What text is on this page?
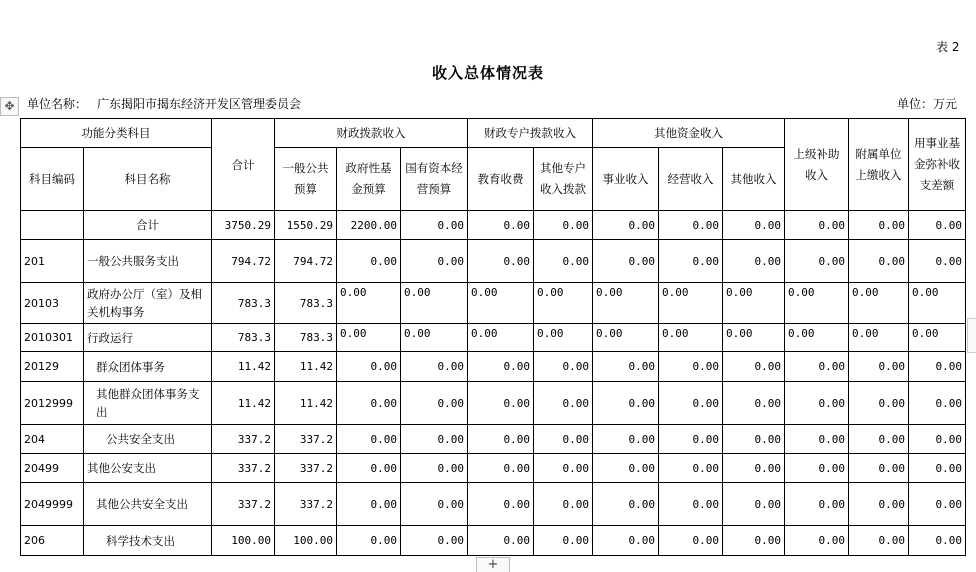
表 2
收入总体情况表
✥	单位名称： 广东揭阳市揭东经济开发区管理委员会	单位：万元
功能分类科目		合计	财政拨款收入			财政专户拨款收入		其他资金收入			上级补助收入	附属单位上缴收入	用事业基金弥补收支差额
科目编码	科目名称		一般公共预算	政府性基金预算	国有资本经营预算	教育收费	其他专户收入拨款	事业收入	经营收入	其他收入			
	合计	3750.29	1550.29	2200.00	0.00	0.00	0.00	0.00	0.00	0.00	0.00	0.00	0.00
201	一般公共服务支出	794.72	794.72	0.00	0.00	0.00	0.00	0.00	0.00	0.00	0.00	0.00	0.00
20103	政府办公厅（室）及相关机构事务	783.3	783.3	0.00	0.00	0.00	0.00	0.00	0.00	0.00	0.00	0.00	0.00
2010301	行政运行	783.3	783.3	0.00	0.00	0.00	0.00	0.00	0.00	0.00	0.00	0.00	0.00
20129	群众团体事务	11.42	11.42	0.00	0.00	0.00	0.00	0.00	0.00	0.00	0.00	0.00	0.00
2012999	其他群众团体事务支出	11.42	11.42	0.00	0.00	0.00	0.00	0.00	0.00	0.00	0.00	0.00	0.00
204	公共安全支出	337.2	337.2	0.00	0.00	0.00	0.00	0.00	0.00	0.00	0.00	0.00	0.00
20499	其他公安支出	337.2	337.2	0.00	0.00	0.00	0.00	0.00	0.00	0.00	0.00	0.00	0.00
2049999	其他公共安全支出	337.2	337.2	0.00	0.00	0.00	0.00	0.00	0.00	0.00	0.00	0.00	0.00
206	科学技术支出	100.00	100.00	0.00	0.00	0.00	0.00	0.00	0.00	0.00	0.00	0.00	0.00
+
